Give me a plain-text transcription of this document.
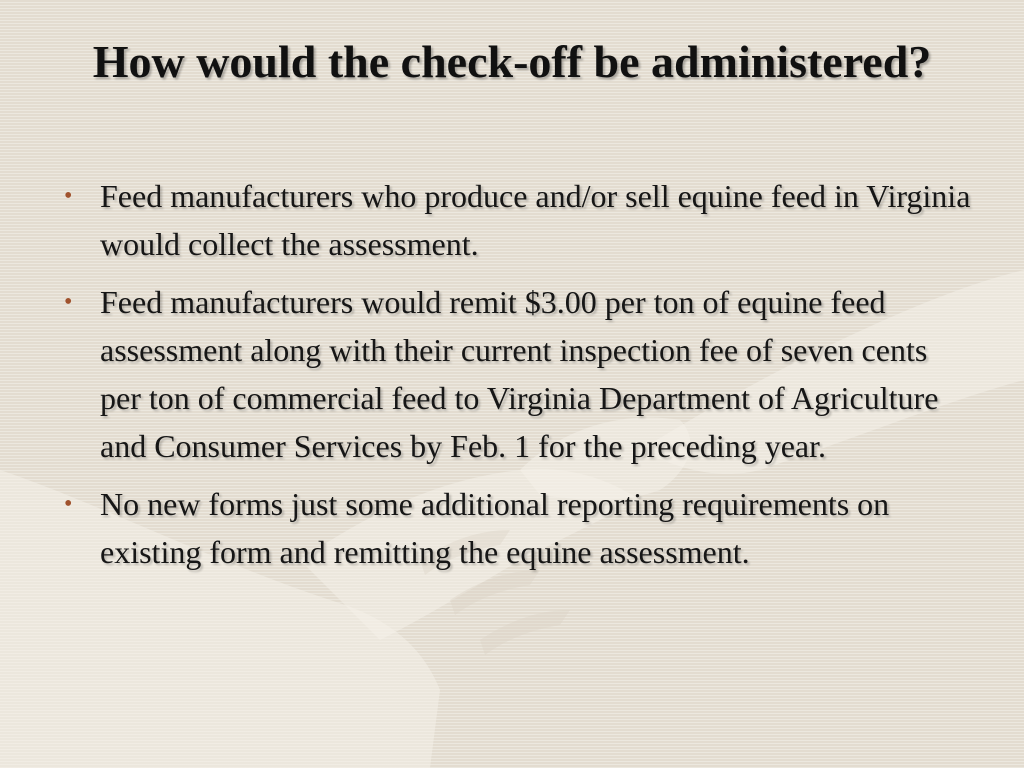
How would the check-off be administered?
• Feed manufacturers who produce and/or sell equine feed in Virginia would collect the assessment.
• Feed manufacturers would remit $3.00 per ton of equine feed assessment along with their current inspection fee of seven cents per ton of commercial feed to Virginia Department of Agriculture and Consumer Services by Feb. 1 for the preceding year.
• No new forms just some additional reporting requirements on existing form and remitting the equine assessment.
